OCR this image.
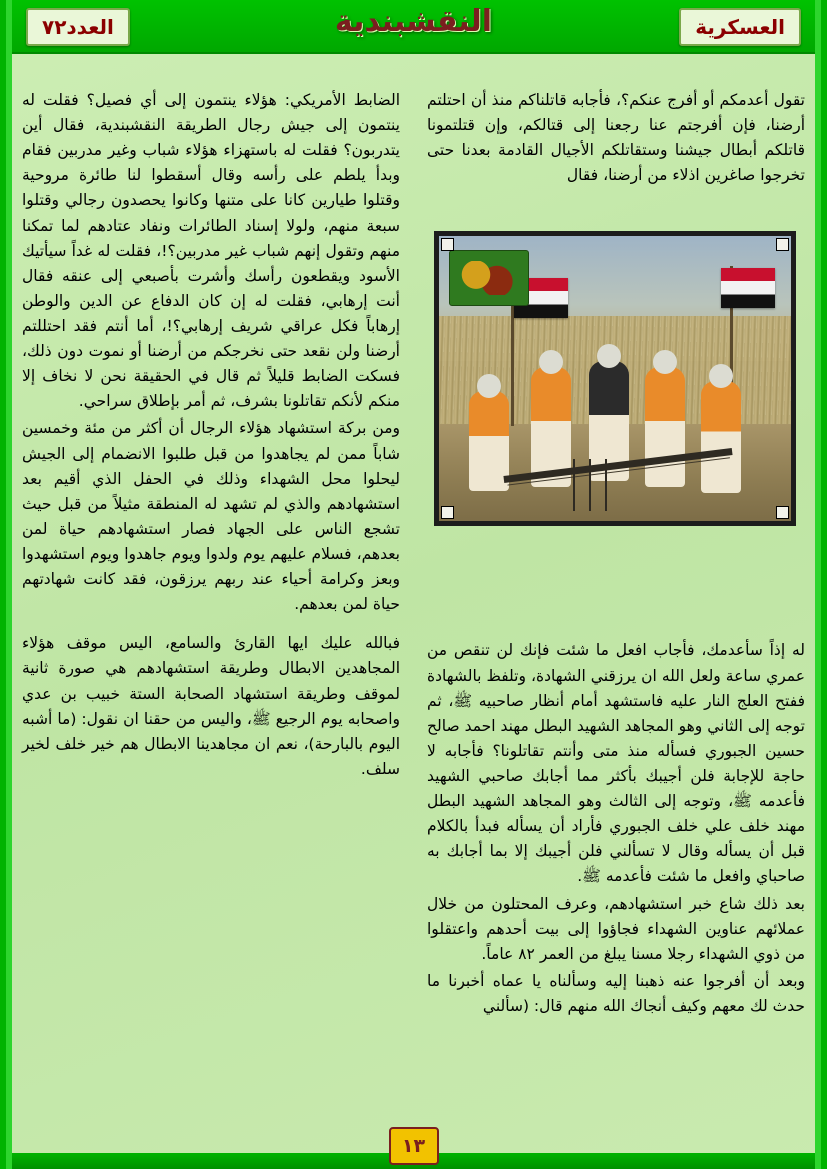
العدد٧٢	النقشبندية	العسكرية

تقول أعدمكم أو أفرج عنكم؟، فأجابه قاتلناكم منذ أن احتلتم أرضنا، فإن أفرجتم عنا رجعنا إلى قتالكم، وإن قتلتمونا قاتلكم أبطال جيشنا وستقاتلكم الأجيال القادمة بعدنا حتى تخرجوا صاغرين اذلاء من أرضنا، فقال

له إذاً سأعدمك، فأجاب افعل ما شئت فإنك لن تنقص من عمري ساعة ولعل الله ان يرزقني الشهادة، وتلفظ بالشهادة ففتح العلج النار عليه فاستشهد أمام أنظار صاحبيه ﷺ، ثم توجه إلى الثاني وهو المجاهد الشهيد البطل مهند احمد صالح حسين الجبوري فسأله منذ متى وأنتم تقاتلونا؟ فأجابه لا حاجة للإجابة فلن أجيبك بأكثر مما أجابك صاحبي الشهيد فأعدمه ﷺ، وتوجه إلى الثالث وهو المجاهد الشهيد البطل مهند خلف علي خلف الجبوري فأراد أن يسأله فبدأ بالكلام قبل أن يسأله وقال لا تسألني فلن أجيبك إلا بما أجابك به صاحباي وافعل ما شئت فأعدمه ﷺ.

بعد ذلك شاع خبر استشهادهم، وعرف المحتلون من خلال عملائهم عناوين الشهداء فجاؤوا إلى بيت أحدهم واعتقلوا من ذوي الشهداء رجلا مسنا يبلغ من العمر ٨٢ عاماً.

وبعد أن أفرجوا عنه ذهبنا إليه وسألناه يا عماه أخبرنا ما حدث لك معهم وكيف أنجاك الله منهم قال: (سألني

الضابط الأمريكي: هؤلاء ينتمون إلى أي فصيل؟ فقلت له ينتمون إلى جيش رجال الطريقة النقشبندية، فقال أين يتدربون؟ فقلت له باستهزاء هؤلاء شباب وغير مدربين فقام وبدأ يلطم على رأسه وقال أسقطوا لنا طائرة مروحية وقتلوا طيارين كانا على متنها وكانوا يحصدون رجالي وقتلوا سبعة منهم، ولولا إسناد الطائرات ونفاد عتادهم لما تمكنا منهم وتقول إنهم شباب غير مدربين؟!، فقلت له غداً سيأتيك الأسود ويقطعون رأسك وأشرت بأصبعي إلى عنقه فقال أنت إرهابي، فقلت له إن كان الدفاع عن الدين والوطن إرهاباً فكل عراقي شريف إرهابي؟!، أما أنتم فقد احتللتم أرضنا ولن نقعد حتى نخرجكم من أرضنا أو نموت دون ذلك، فسكت الضابط قليلاً ثم قال في الحقيقة نحن لا نخاف إلا منكم لأنكم تقاتلونا بشرف، ثم أمر بإطلاق سراحي.

ومن بركة استشهاد هؤلاء الرجال أن أكثر من مئة وخمسين شاباً ممن لم يجاهدوا من قبل طلبوا الانضمام إلى الجيش ليحلوا محل الشهداء وذلك في الحفل الذي أقيم بعد استشهادهم والذي لم تشهد له المنطقة مثيلاً من قبل حيث تشجع الناس على الجهاد فصار استشهادهم حياة لمن بعدهم، فسلام عليهم يوم ولدوا ويوم جاهدوا ويوم استشهدوا وبعز وكرامة أحياء عند ربهم يرزقون، فقد كانت شهادتهم حياة لمن بعدهم.

فبالله عليك ايها القارئ والسامع، اليس موقف هؤلاء المجاهدين الابطال وطريقة استشهادهم هي صورة ثانية لموقف وطريقة استشهاد الصحابة الستة خبيب بن عدي واصحابه يوم الرجيع ﷺ، واليس من حقنا ان نقول: (ما أشبه اليوم بالبارحة)، نعم ان مجاهدينا الابطال هم خير خلف لخير سلف.

١٣
